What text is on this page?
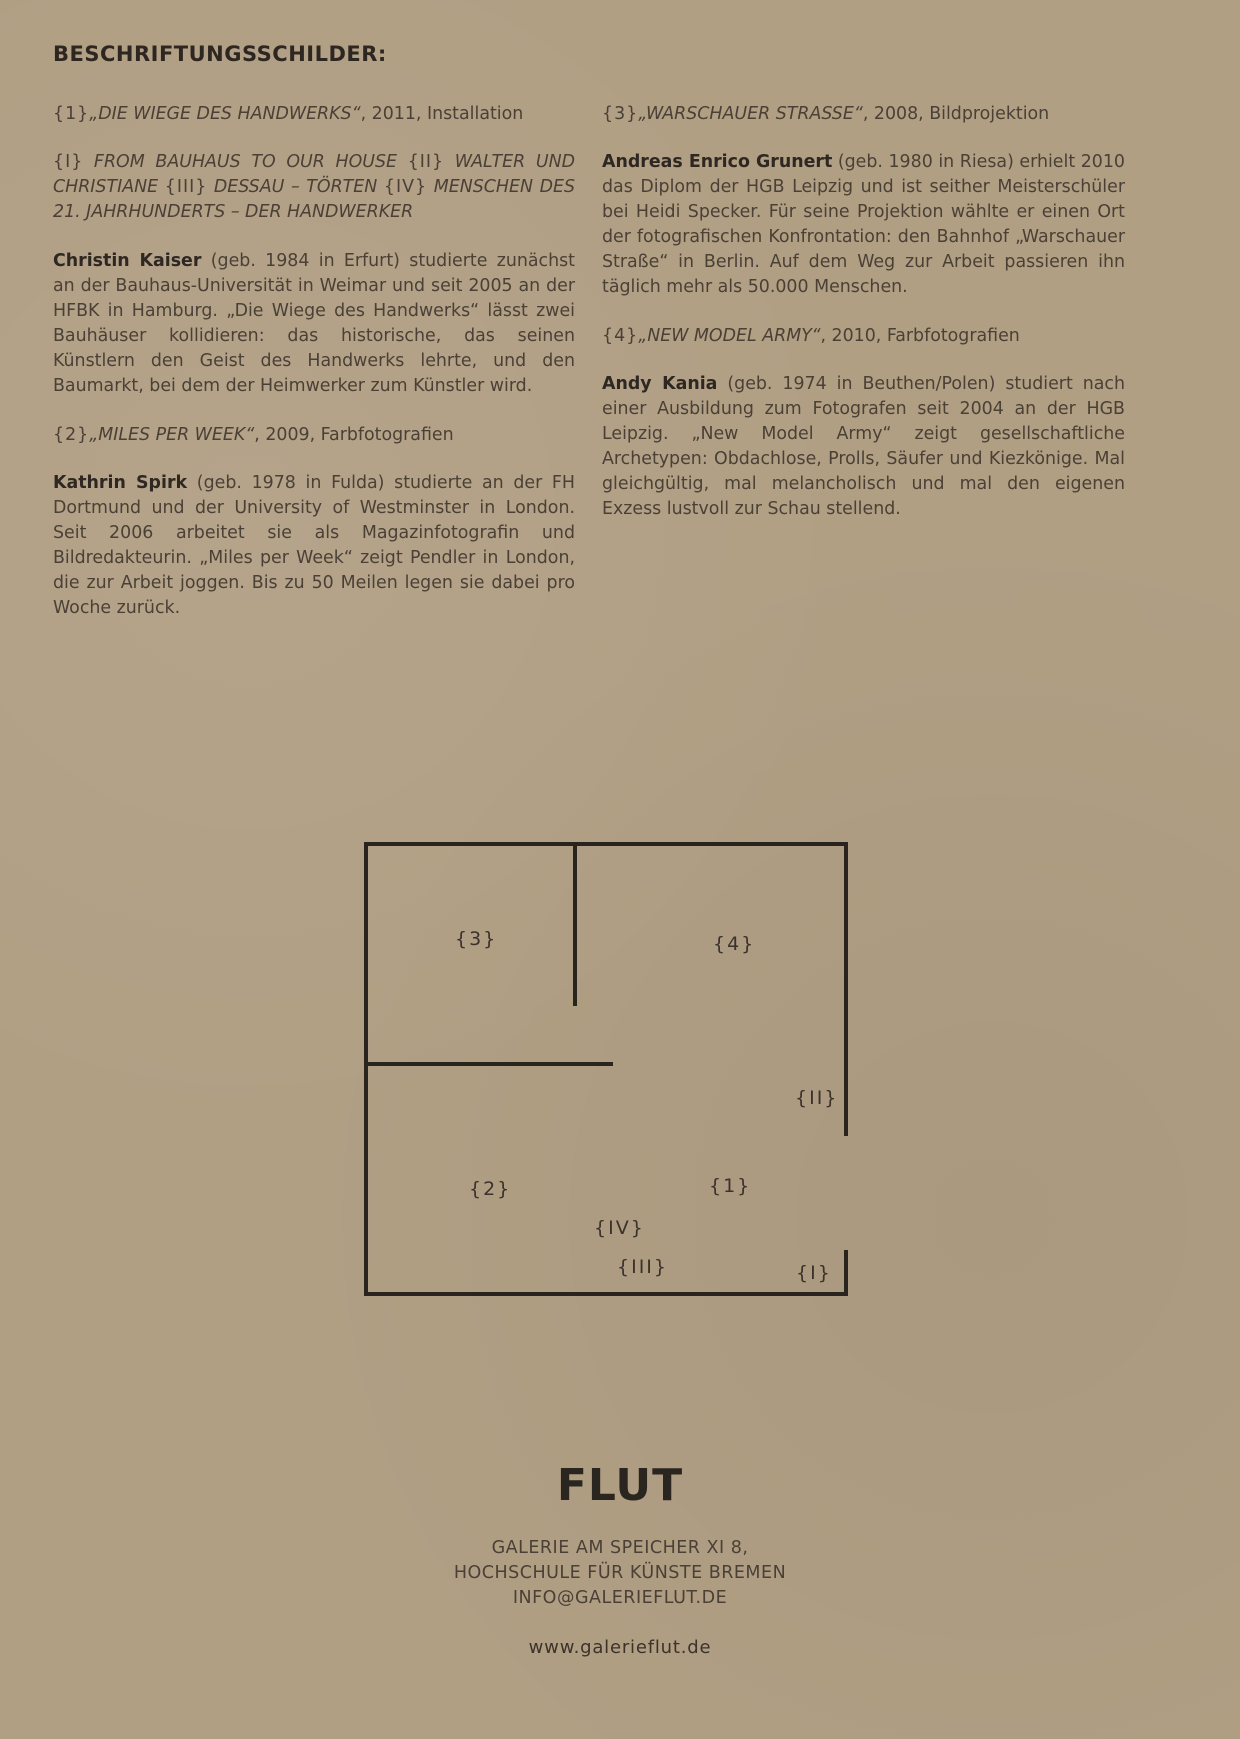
BESCHRIFTUNGSSCHILDER:

{1}„DIE WIEGE DES HANDWERKS“, 2011, Installation

{I} FROM BAUHAUS TO OUR HOUSE {II} WALTER UND CHRISTIANE {III} DESSAU – TÖRTEN {IV} MENSCHEN DES 21. JAHRHUNDERTS – DER HANDWERKER

Christin Kaiser (geb. 1984 in Erfurt) studierte zunächst an der Bauhaus-Universität in Weimar und seit 2005 an der HFBK in Hamburg. „Die Wiege des Handwerks“ lässt zwei Bauhäuser kollidieren: das historische, das seinen Künstlern den Geist des Handwerks lehrte, und den Baumarkt, bei dem der Heimwerker zum Künstler wird.

{2}„MILES PER WEEK“, 2009, Farbfotografien

Kathrin Spirk (geb. 1978 in Fulda) studierte an der FH Dortmund und der University of Westminster in London. Seit 2006 arbeitet sie als Magazinfotografin und Bildredakteurin. „Miles per Week“ zeigt Pendler in London, die zur Arbeit joggen. Bis zu 50 Meilen legen sie dabei pro Woche zurück.

{3}„WARSCHAUER STRASSE“, 2008, Bildprojektion

Andreas Enrico Grunert (geb. 1980 in Riesa) erhielt 2010 das Diplom der HGB Leipzig und ist seither Meisterschüler bei Heidi Specker. Für seine Projektion wählte er einen Ort der fotografischen Konfrontation: den Bahnhof „Warschauer Straße“ in Berlin. Auf dem Weg zur Arbeit passieren ihn täglich mehr als 50.000 Menschen.

{4}„NEW MODEL ARMY“, 2010, Farbfotografien

Andy Kania (geb. 1974 in Beuthen/Polen) studiert nach einer Ausbildung zum Fotografen seit 2004 an der HGB Leipzig. „New Model Army“ zeigt gesellschaftliche Archetypen: Obdachlose, Prolls, Säufer und Kiezkönige. Mal gleichgültig, mal melancholisch und mal den eigenen Exzess lustvoll zur Schau stellend.

{3}	{4}
{II}
{2}	{1}
{IV}
{III}	{I}
FLUT
GALERIE AM SPEICHER XI 8,
HOCHSCHULE FÜR KÜNSTE BREMEN
INFO@GALERIEFLUT.DE
www.galerieflut.de
